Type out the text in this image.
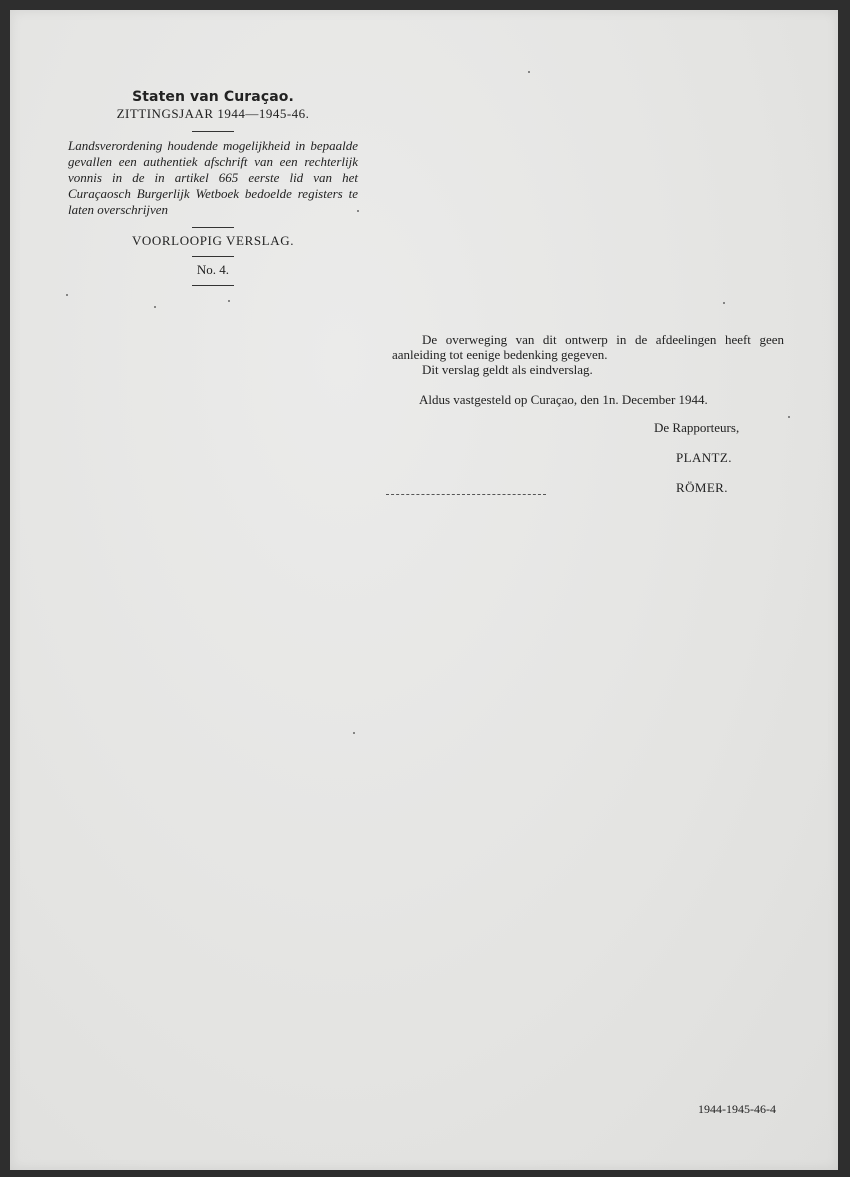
Staten van Curaçao.

ZITTINGSJAAR 1944—1945-46.

Landsverordening houdende mogelijkheid in bepaalde gevallen een authentiek afschrift van een rechterlijk vonnis in de in artikel 665 eerste lid van het Curaçaosch Burgerlijk Wetboek bedoelde registers te laten overschrijven

VOORLOOPIG VERSLAG.

No. 4.

De overweging van dit ontwerp in de afdeelingen heeft geen aanleiding tot eenige bedenking gegeven.

Dit verslag geldt als eindverslag.

Aldus vastgesteld op Curaçao, den 1n. December 1944.

De Rapporteurs,

PLANTZ.

RÖMER.

1944-1945-46-4
